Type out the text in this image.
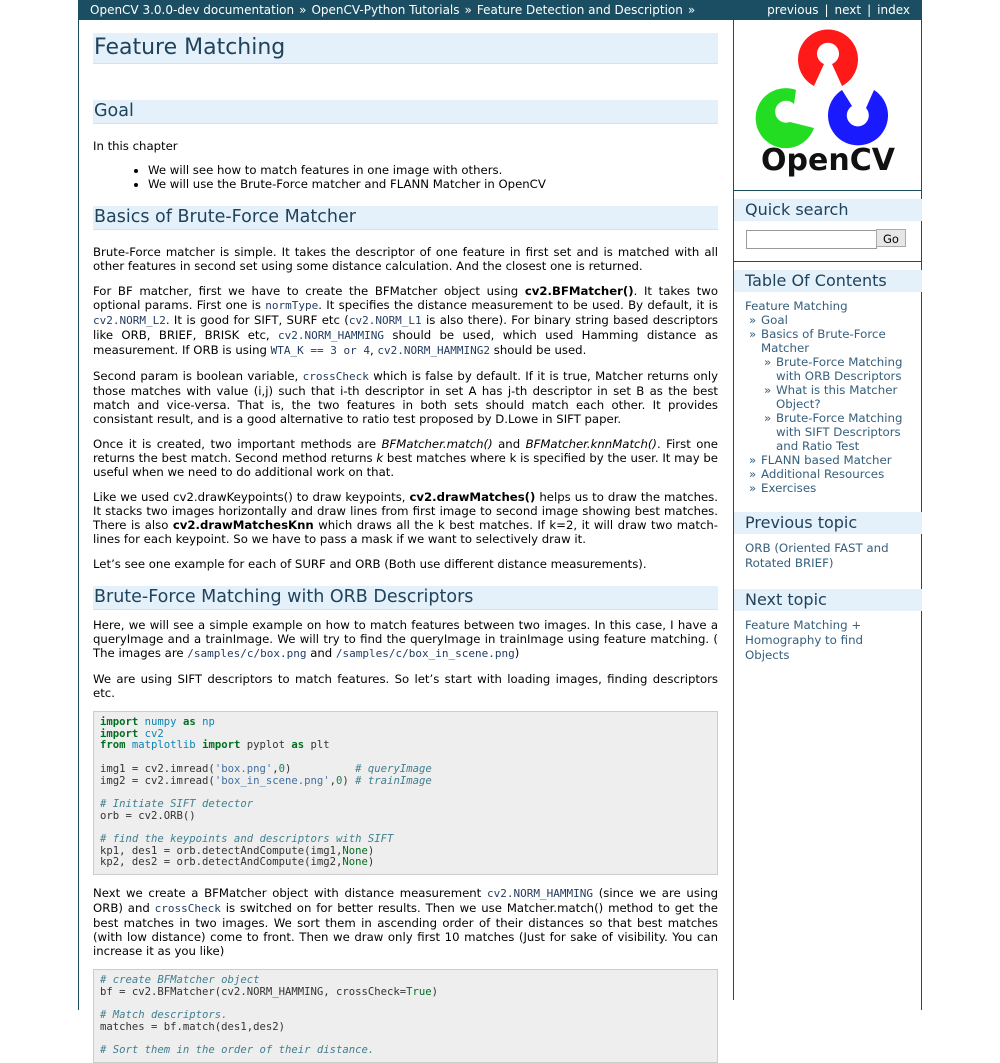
OpenCV 3.0.0-dev documentation » OpenCV-Python Tutorials » Feature Detection and Description »	previous | next | index
Feature Matching
Goal

In this chapter

• We will see how to match features in one image with others.
• We will use the Brute-Force matcher and FLANN Matcher in OpenCV
Basics of Brute-Force Matcher

Brute-Force matcher is simple. It takes the descriptor of one feature in first set and is matched with all other features in second set using some distance calculation. And the closest one is returned.

For BF matcher, first we have to create the BFMatcher object using cv2.BFMatcher(). It takes two optional params. First one is normType. It specifies the distance measurement to be used. By default, it is cv2.NORM_L2. It is good for SIFT, SURF etc (cv2.NORM_L1 is also there). For binary string based descriptors like ORB, BRIEF, BRISK etc, cv2.NORM_HAMMING should be used, which used Hamming distance as measurement. If ORB is using WTA_K == 3 or 4, cv2.NORM_HAMMING2 should be used.

Second param is boolean variable, crossCheck which is false by default. If it is true, Matcher returns only those matches with value (i,j) such that i-th descriptor in set A has j-th descriptor in set B as the best match and vice-versa. That is, the two features in both sets should match each other. It provides consistant result, and is a good alternative to ratio test proposed by D.Lowe in SIFT paper.

Once it is created, two important methods are BFMatcher.match() and BFMatcher.knnMatch(). First one returns the best match. Second method returns k best matches where k is specified by the user. It may be useful when we need to do additional work on that.

Like we used cv2.drawKeypoints() to draw keypoints, cv2.drawMatches() helps us to draw the matches. It stacks two images horizontally and draw lines from first image to second image showing best matches. There is also cv2.drawMatchesKnn which draws all the k best matches. If k=2, it will draw two match-lines for each keypoint. So we have to pass a mask if we want to selectively draw it.

Let’s see one example for each of SURF and ORB (Both use different distance measurements).

Brute-Force Matching with ORB Descriptors

Here, we will see a simple example on how to match features between two images. In this case, I have a queryImage and a trainImage. We will try to find the queryImage in trainImage using feature matching. ( The images are /samples/c/box.png and /samples/c/box_in_scene.png)

We are using SIFT descriptors to match features. So let’s start with loading images, finding descriptors etc.

import numpy as np
import cv2
from matplotlib import pyplot as plt

img1 = cv2.imread('box.png',0)          # queryImage
img2 = cv2.imread('box_in_scene.png',0) # trainImage

# Initiate SIFT detector
orb = cv2.ORB()

# find the keypoints and descriptors with SIFT
kp1, des1 = orb.detectAndCompute(img1,None)
kp2, des2 = orb.detectAndCompute(img2,None)

Next we create a BFMatcher object with distance measurement cv2.NORM_HAMMING (since we are using ORB) and crossCheck is switched on for better results. Then we use Matcher.match() method to get the best matches in two images. We sort them in ascending order of their distances so that best matches (with low distance) come to front. Then we draw only first 10 matches (Just for sake of visibility. You can increase it as you like)

# create BFMatcher object
bf = cv2.BFMatcher(cv2.NORM_HAMMING, crossCheck=True)

# Match descriptors.
matches = bf.match(des1,des2)

# Sort them in the order of their distance.
OpenCV
Quick search
Go
Table Of Contents
Feature Matching
» Goal
» Basics of Brute-Force Matcher
» Brute-Force Matching with ORB Descriptors
» What is this Matcher Object?
» Brute-Force Matching with SIFT Descriptors and Ratio Test
» FLANN based Matcher
» Additional Resources
» Exercises
Previous topic
ORB (Oriented FAST and Rotated BRIEF)
Next topic
Feature Matching + Homography to find Objects
